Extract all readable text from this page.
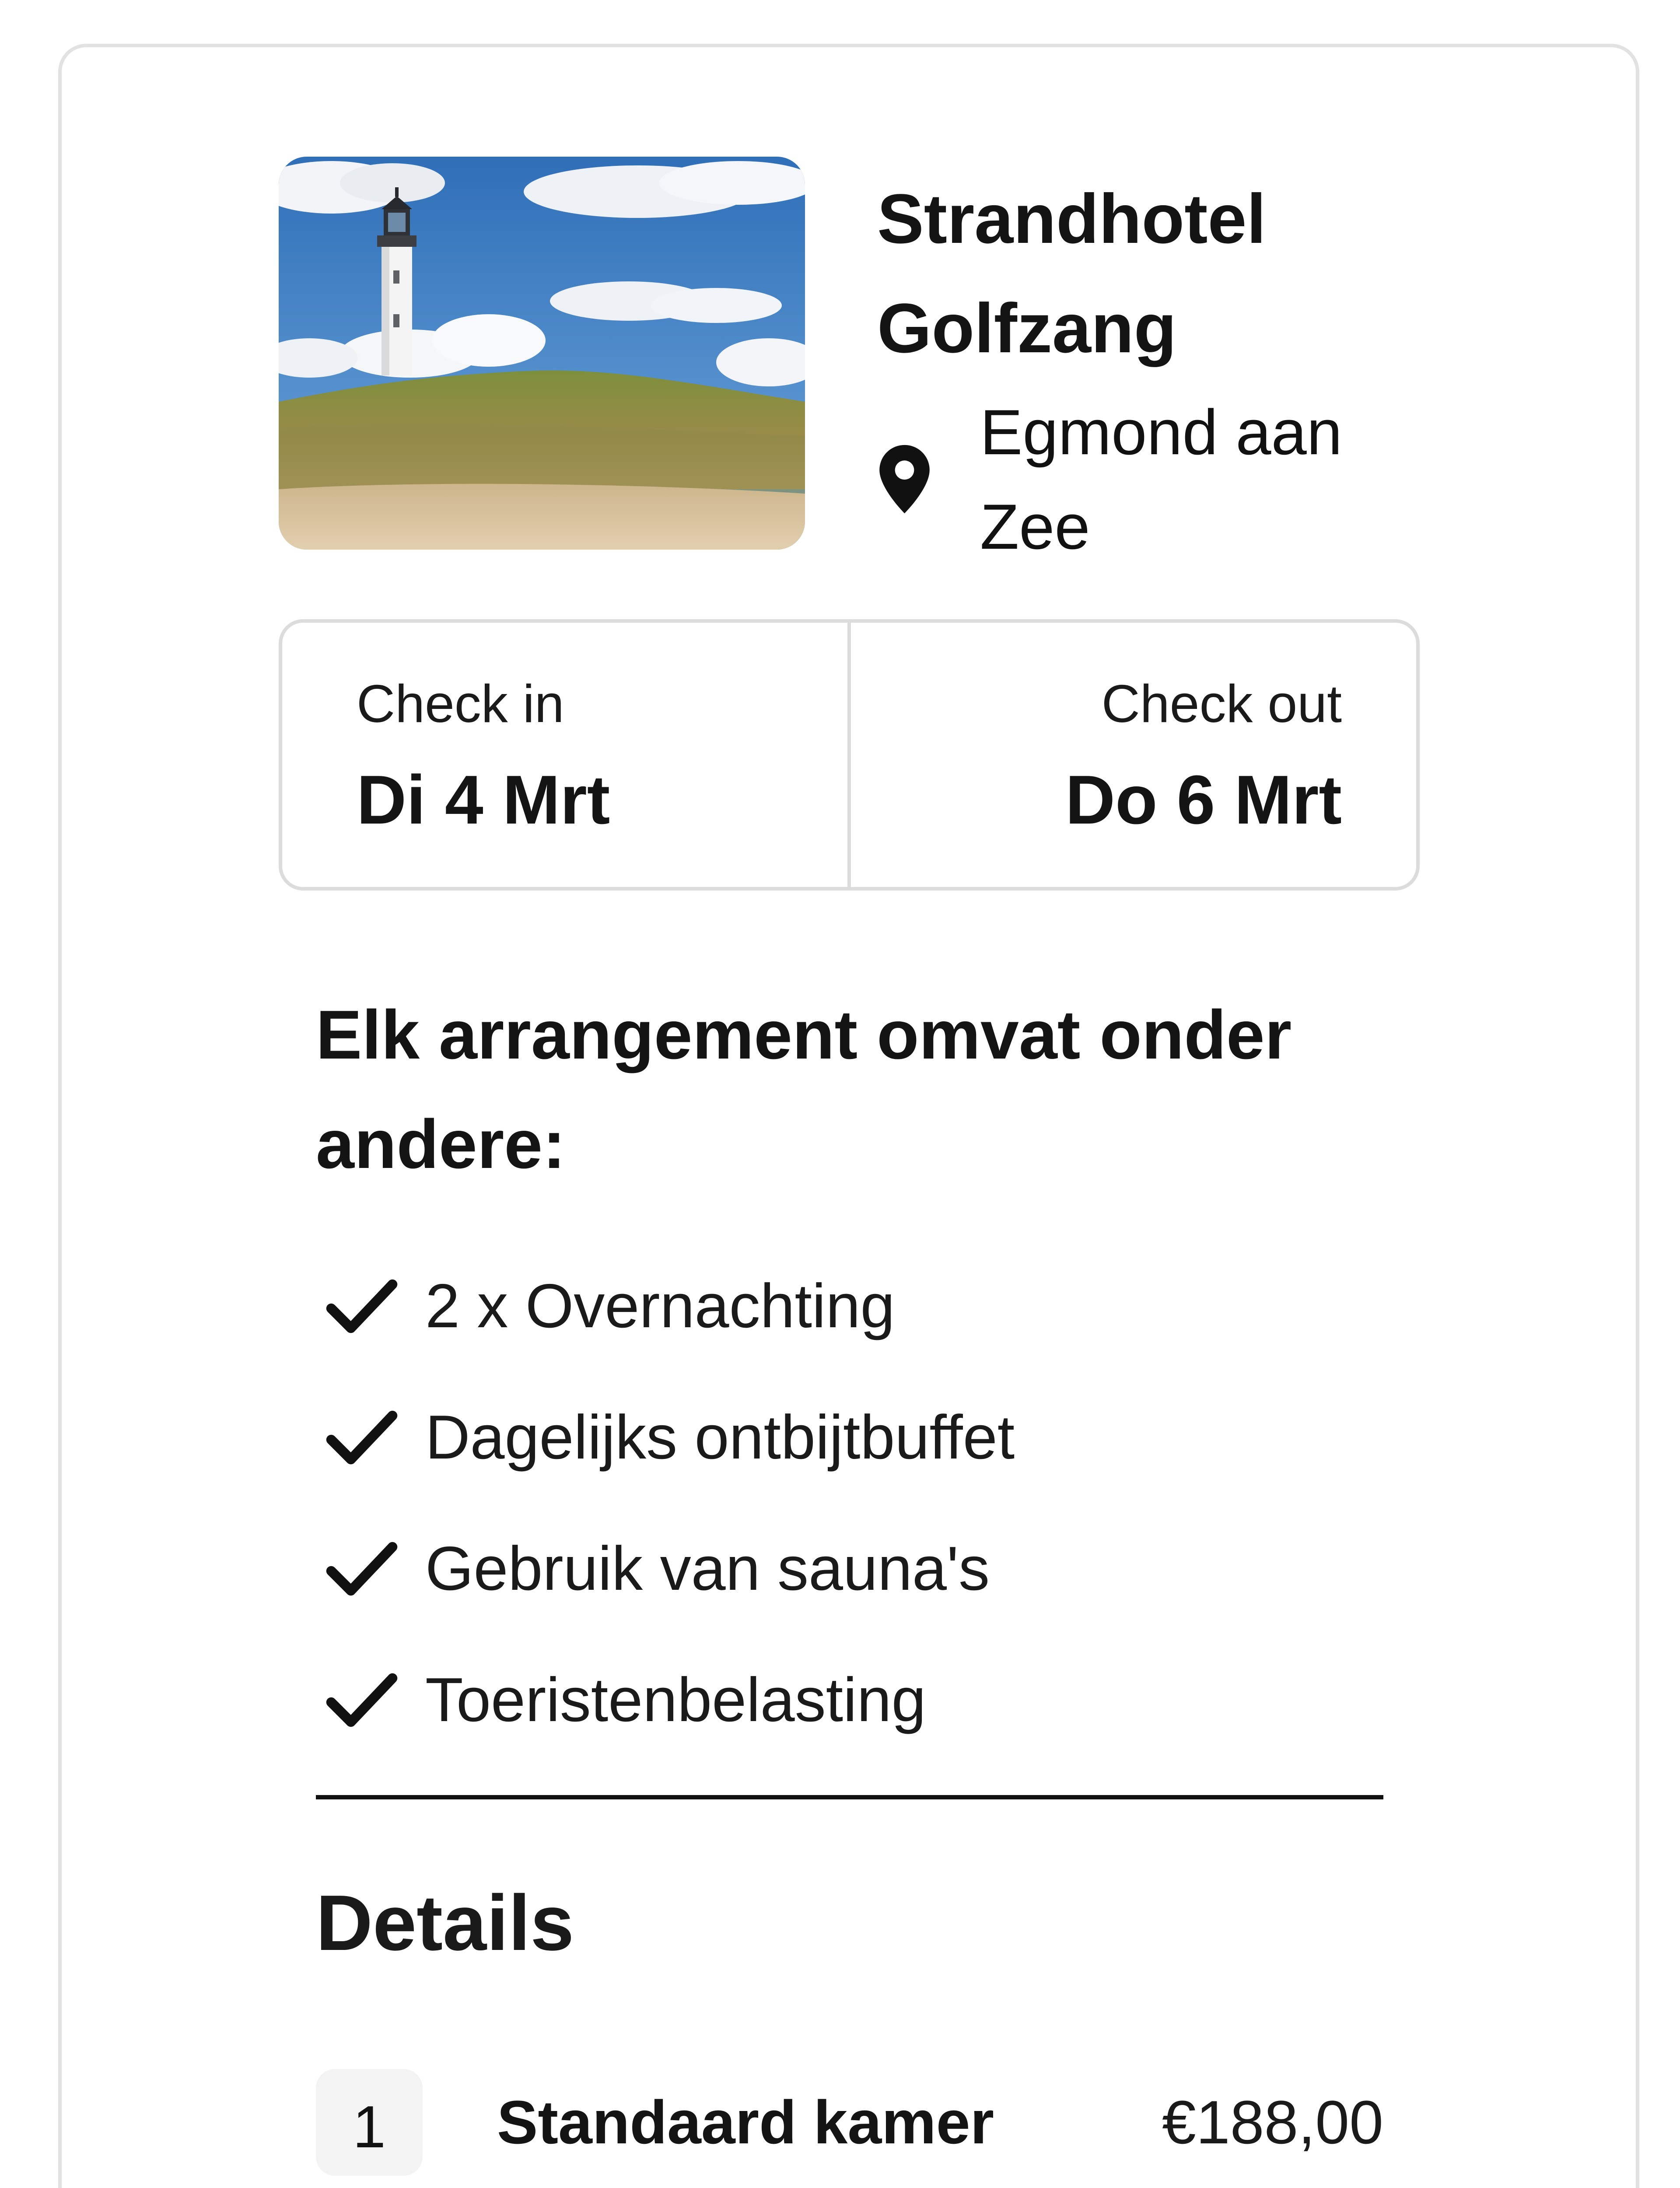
Strandhotel Golfzang
Egmond aan Zee
Check in
Di 4 Mrt
Check out
Do 6 Mrt
Elk arrangement omvat onder andere:
2 x Overnachting
Dagelijks ontbijtbuffet
Gebruik van sauna's
Toeristenbelasting
Details
1	Standaard kamer	€188,00
